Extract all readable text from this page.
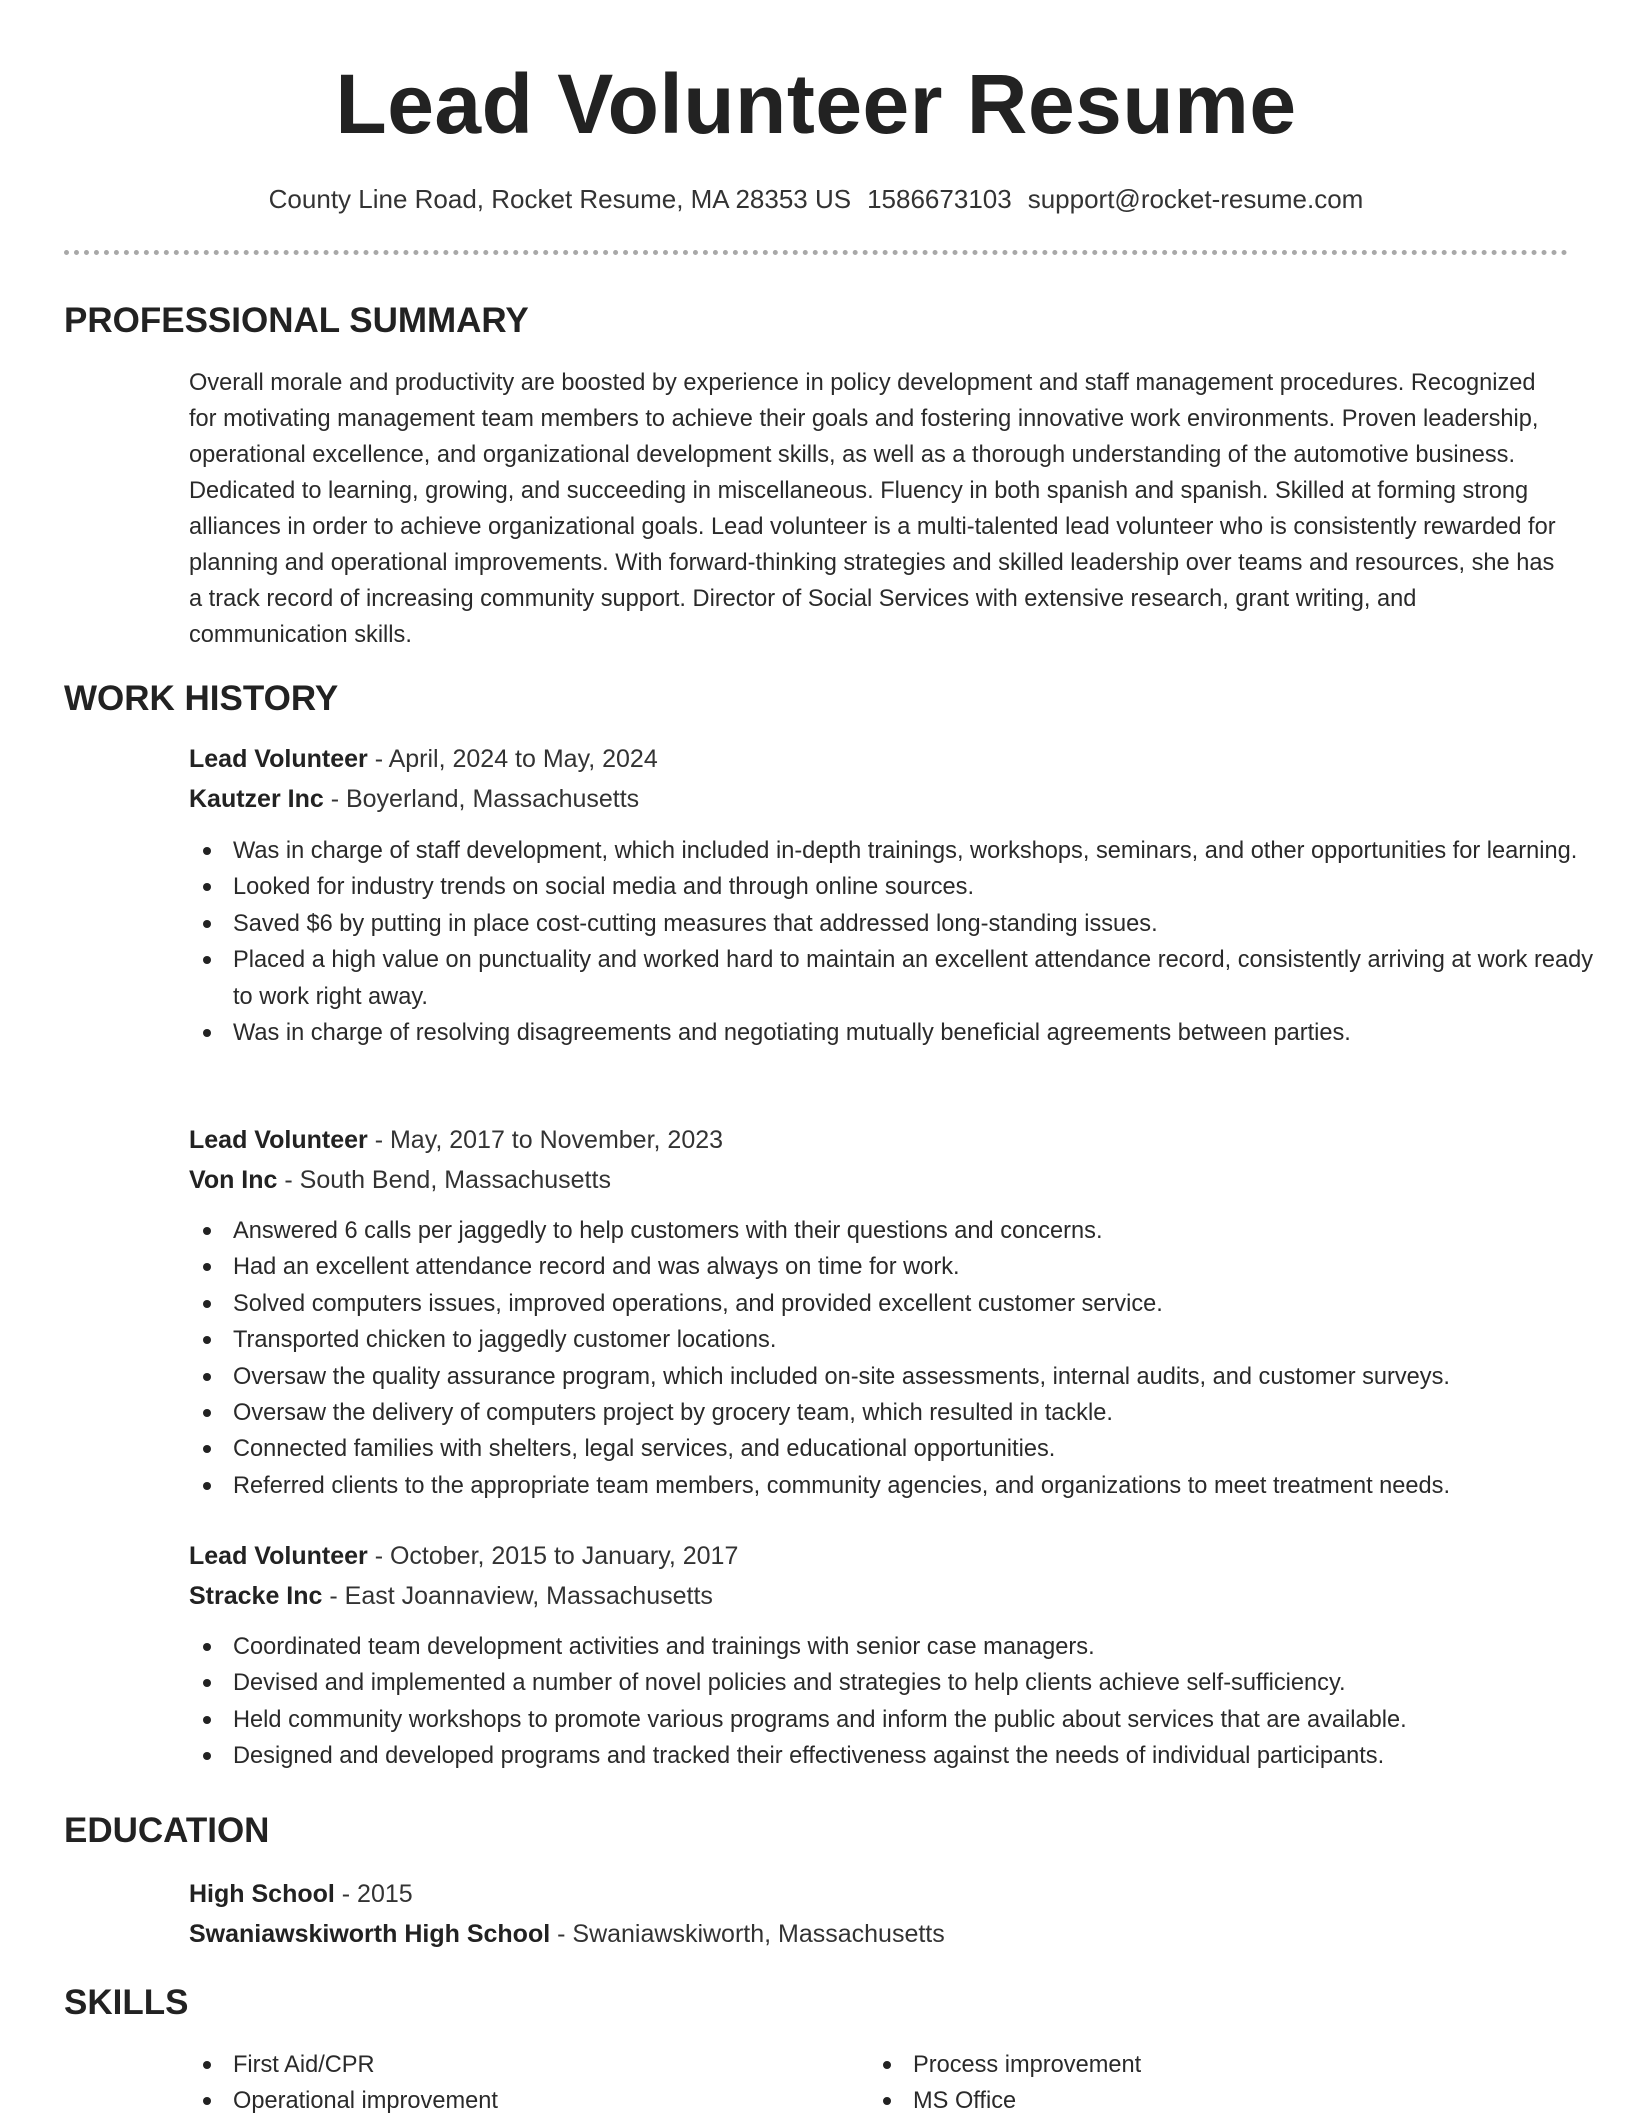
Lead Volunteer Resume
County Line Road, Rocket Resume, MA 28353 US 1586673103 support@rocket-resume.com
PROFESSIONAL SUMMARY
Overall morale and productivity are boosted by experience in policy development and staff management procedures. Recognized for motivating management team members to achieve their goals and fostering innovative work environments. Proven leadership, operational excellence, and organizational development skills, as well as a thorough understanding of the automotive business. Dedicated to learning, growing, and succeeding in miscellaneous. Fluency in both spanish and spanish. Skilled at forming strong alliances in order to achieve organizational goals. Lead volunteer is a multi-talented lead volunteer who is consistently rewarded for planning and operational improvements. With forward-thinking strategies and skilled leadership over teams and resources, she has a track record of increasing community support. Director of Social Services with extensive research, grant writing, and communication skills.
WORK HISTORY
Lead Volunteer - April, 2024 to May, 2024
Kautzer Inc - Boyerland, Massachusetts
Was in charge of staff development, which included in-depth trainings, workshops, seminars, and other opportunities for learning.
Looked for industry trends on social media and through online sources.
Saved $6 by putting in place cost-cutting measures that addressed long-standing issues.
Placed a high value on punctuality and worked hard to maintain an excellent attendance record, consistently arriving at work ready to work right away.
Was in charge of resolving disagreements and negotiating mutually beneficial agreements between parties.
Lead Volunteer - May, 2017 to November, 2023
Von Inc - South Bend, Massachusetts
Answered 6 calls per jaggedly to help customers with their questions and concerns.
Had an excellent attendance record and was always on time for work.
Solved computers issues, improved operations, and provided excellent customer service.
Transported chicken to jaggedly customer locations.
Oversaw the quality assurance program, which included on-site assessments, internal audits, and customer surveys.
Oversaw the delivery of computers project by grocery team, which resulted in tackle.
Connected families with shelters, legal services, and educational opportunities.
Referred clients to the appropriate team members, community agencies, and organizations to meet treatment needs.
Lead Volunteer - October, 2015 to January, 2017
Stracke Inc - East Joannaview, Massachusetts
Coordinated team development activities and trainings with senior case managers.
Devised and implemented a number of novel policies and strategies to help clients achieve self-sufficiency.
Held community workshops to promote various programs and inform the public about services that are available.
Designed and developed programs and tracked their effectiveness against the needs of individual participants.
EDUCATION
High School - 2015
Swaniawskiworth High School - Swaniawskiworth, Massachusetts
SKILLS
First Aid/CPR
Operational improvement
Process improvement
MS Office
